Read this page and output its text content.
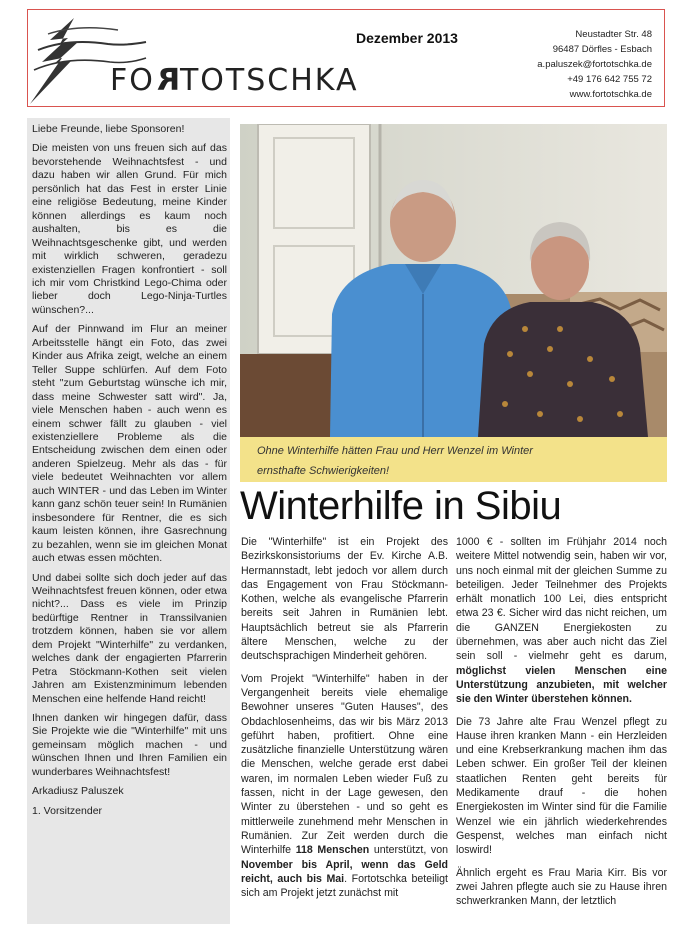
FORTOTSCHKA
Dezember 2013	Neustadter Str. 48
96487 Dörfles - Esbach
a.paluszek@fortotschka.de
+49 176 642 755 72
www.fortotschka.de

Liebe Freunde, liebe Sponsoren!

Die meisten von uns freuen sich auf das bevorstehende Weihnachtsfest - und dazu haben wir allen Grund. Für mich persönlich hat das Fest in erster Linie eine religiöse Bedeutung, meine Kinder können allerdings es kaum noch aushalten, bis es die Weihnachtsgeschenke gibt, und werden mit wirklich schweren, geradezu existenziellen Fragen konfrontiert - soll ich mir vom Christkind Lego-Chima oder lieber doch Lego-Ninja-Turtles wünschen?...

Auf der Pinnwand im Flur an meiner Arbeitsstelle hängt ein Foto, das zwei Kinder aus Afrika zeigt, welche an einem Teller Suppe schlürfen. Auf dem Foto steht "zum Geburtstag wünsche ich mir, dass meine Schwester satt wird". Ja, viele Menschen haben - auch wenn es einem schwer fällt zu glauben - viel existenziellere Probleme als die Entscheidung zwischen dem einen oder anderen Spielzeug. Mehr als das - für viele bedeutet Weihnachten vor allem auch WINTER - und das Leben im Winter kann ganz schön teuer sein! In Rumänien insbesondere für Rentner, die es sich kaum leisten können, ihre Gasrechnung zu bezahlen, wenn sie im gleichen Monat auch etwas essen möchten.

Und dabei sollte sich doch jeder auf das Weihnachtsfest freuen können, oder etwa nicht?... Dass es viele im Prinzip bedürftige Rentner in Transsilvanien trotzdem können, haben sie vor allem dem Projekt "Winterhilfe" zu verdanken, welches dank der engagierten Pfarrerin Petra Stöckmann-Kothen seit vielen Jahren am Existenzminimum lebenden Menschen eine helfende Hand reicht!

Ihnen danken wir hingegen dafür, dass Sie Projekte wie die "Winterhilfe" mit uns gemeinsam möglich machen - und wünschen Ihnen und Ihren Familien ein wunderbares Weihnachtsfest!

Arkadiusz Paluszek

1. Vorsitzender

Ohne Winterhilfe hätten Frau und Herr Wenzel im Winter
ernsthafte Schwierigkeiten!
Winterhilfe in Sibiu

Die "Winterhilfe" ist ein Projekt des Bezirkskonsistoriums der Ev. Kirche A.B. Hermannstadt, lebt jedoch vor allem durch das Engagement von Frau Stöckmann-Kothen, welche als evangelische Pfarrerin bereits seit Jahren in Rumänien lebt. Hauptsächlich betreut sie als Pfarrerin ältere Menschen, welche zu der deutschsprachigen Minderheit gehören.

Vom Projekt "Winterhilfe" haben in der Vergangenheit bereits viele ehemalige Bewohner unseres "Guten Hauses", des Obdachlosenheims, das wir bis März 2013 geführt haben, profitiert. Ohne eine zusätzliche finanzielle Unterstützung wären die Menschen, welche gerade erst dabei waren, im normalen Leben wieder Fuß zu fassen, nicht in der Lage gewesen, den Winter zu überstehen - und so geht es mittlerweile zunehmend mehr Menschen in Rumänien. Zur Zeit werden durch die Winterhilfe 118 Menschen unterstützt, von November bis April, wenn das Geld reicht, auch bis Mai. Fortotschka beteiligt sich am Projekt jetzt zunächst mit

1000 € - sollten im Frühjahr 2014 noch weitere Mittel notwendig sein, haben wir vor, uns noch einmal mit der gleichen Summe zu beteiligen. Jeder Teilnehmer des Projekts erhält monatlich 100 Lei, dies entspricht etwa 23 €. Sicher wird das nicht reichen, um die GANZEN Energiekosten zu übernehmen, was aber auch nicht das Ziel sein soll - vielmehr geht es darum, möglichst vielen Menschen eine Unterstützung anzubieten, mit welcher sie den Winter überstehen können.

Die 73 Jahre alte Frau Wenzel pflegt zu Hause ihren kranken Mann - ein Herzleiden und eine Krebserkrankung machen ihm das Leben schwer. Ein großer Teil der kleinen staatlichen Renten geht bereits für Medikamente drauf - die hohen Energiekosten im Winter sind für die Familie Wenzel wie ein jährlich wiederkehrendes Gespenst, welches man einfach nicht loswird!

Ähnlich ergeht es Frau Maria Kirr. Bis vor zwei Jahren pflegte auch sie zu Hause ihren schwerkranken Mann, der letztlich
